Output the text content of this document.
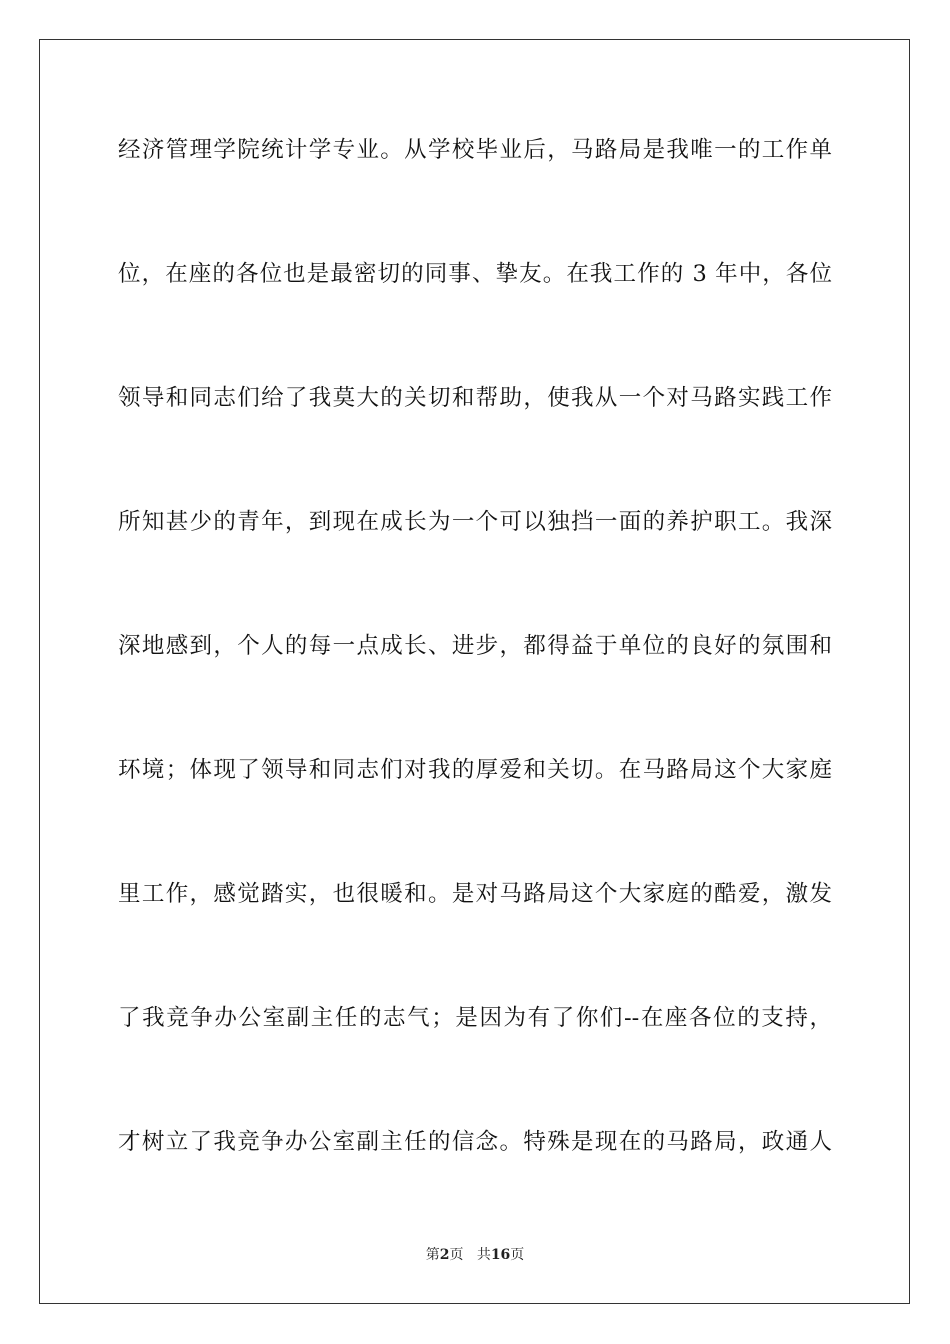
经济管理学院统计学专业。从学校毕业后，马路局是我唯一的工作单
位，在座的各位也是最密切的同事、挚友。在我工作的 3 年中，各位
领导和同志们给了我莫大的关切和帮助，使我从一个对马路实践工作
所知甚少的青年，到现在成长为一个可以独挡一面的养护职工。我深
深地感到，个人的每一点成长、进步，都得益于单位的良好的氛围和
环境；体现了领导和同志们对我的厚爱和关切。在马路局这个大家庭
里工作，感觉踏实，也很暖和。是对马路局这个大家庭的酷爱，激发
了我竞争办公室副主任的志气；是因为有了你们--在座各位的支持，
才树立了我竞争办公室副主任的信念。特殊是现在的马路局，政通人
第2页 共16页
